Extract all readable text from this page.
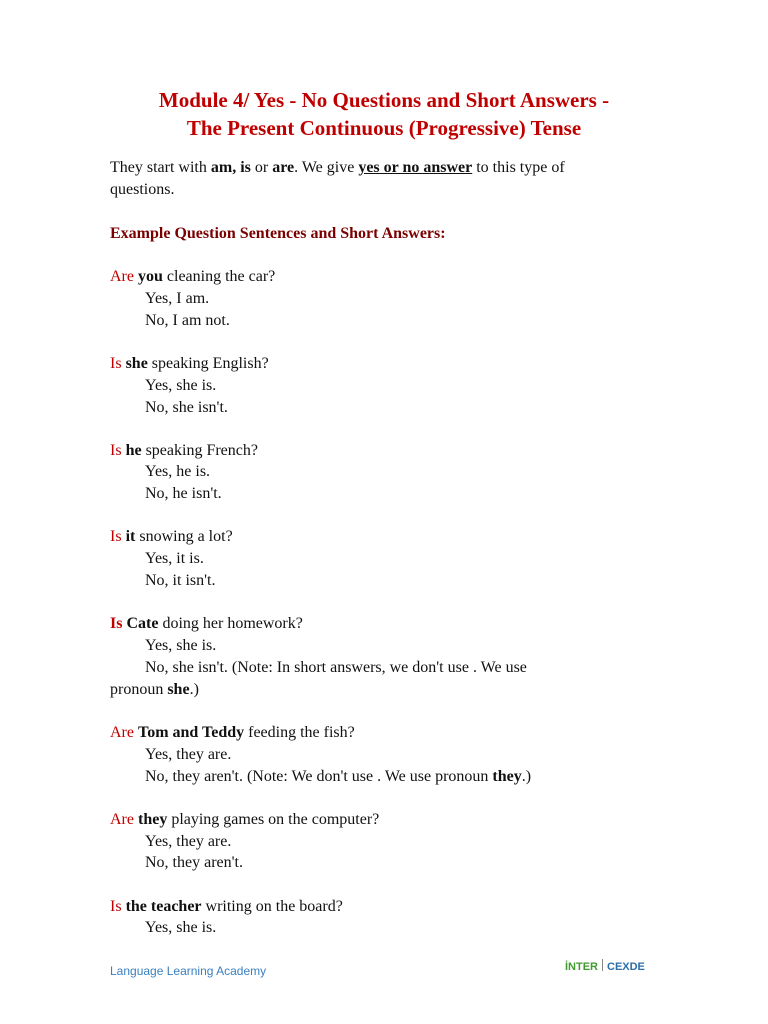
Module 4/ Yes - No Questions and Short Answers -
The Present Continuous (Progressive) Tense
They start with am, is or are. We give yes or no answer to this type of
questions.
Example Question Sentences and Short Answers:
Are you cleaning the car?
Yes, I am.
No, I am not.
Is she speaking English?
Yes, she is.
No, she isn't.
Is he speaking French?
Yes, he is.
No, he isn't.
Is it snowing a lot?
Yes, it is.
No, it isn't.
Is Cate doing her homework?
Yes, she is.
No, she isn't. (Note: In short answers, we don't use . We use
pronoun she.)
Are Tom and Teddy feeding the fish?
Yes, they are.
No, they aren't. (Note: We don't use . We use pronoun they.)
Are they playing games on the computer?
Yes, they are.
No, they aren't.
Is the teacher writing on the board?
Yes, she is.
Language Learning Academy	İNTER CEXDE
